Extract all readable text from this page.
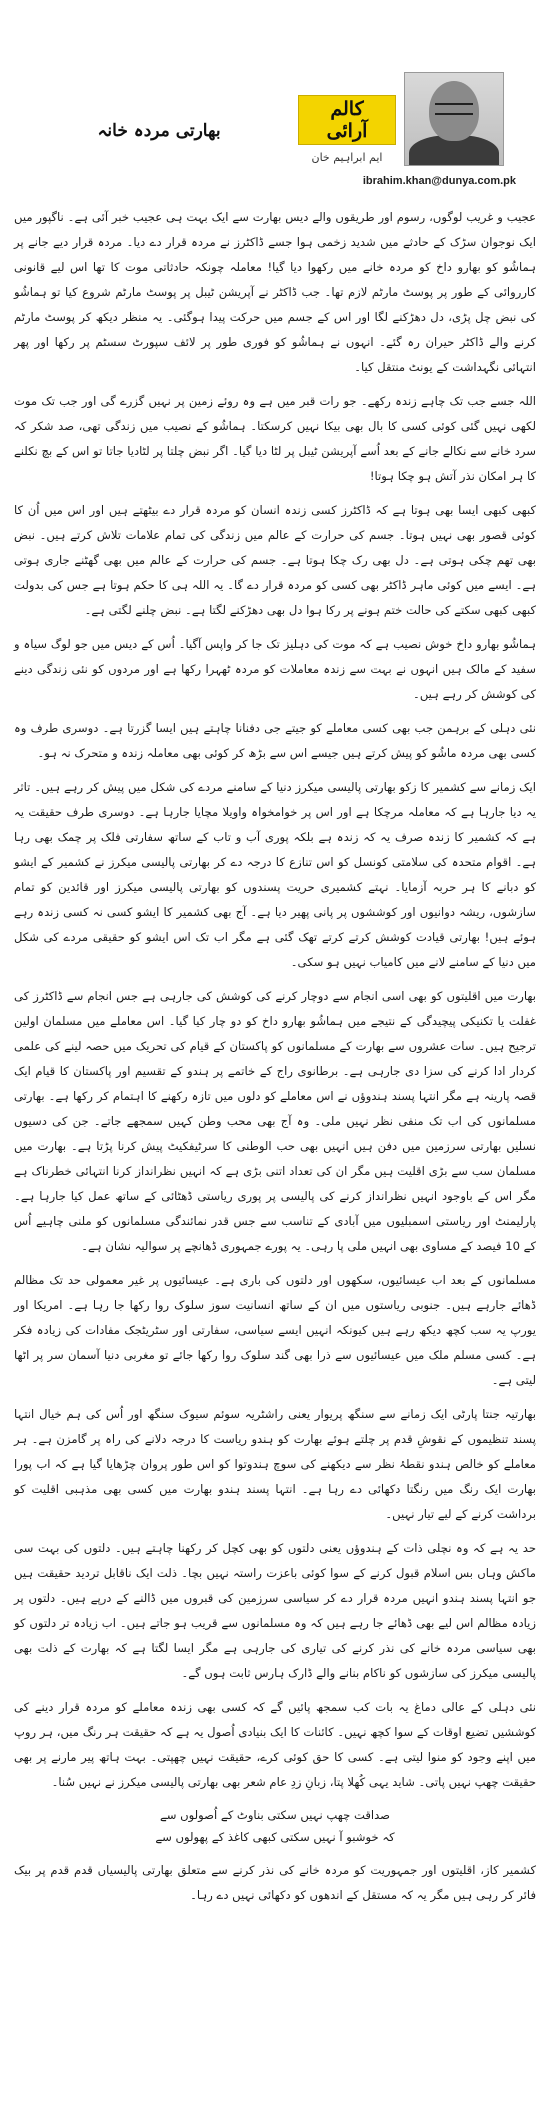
کالم آرائی
ایم ابراہیم خان
ibrahim.khan@dunya.com.pk
بھارتی مردہ خانہ

عجیب و غریب لوگوں، رسوم اور طریقوں والے دیس بھارت سے ایک بہت ہی عجیب خبر آئی ہے۔ ناگپور میں ایک نوجوان سڑک کے حادثے میں شدید زخمی ہوا جسے ڈاکٹرز نے مردہ قرار دے دیا۔ مردہ قرار دیے جانے پر ہماشُو کو بھارو داخ کو مردہ خانے میں رکھوا دیا گیا! معاملہ چونکہ حادثاتی موت کا تھا اس لیے قانونی کارروائی کے طور پر پوسٹ مارٹم لازم تھا۔ جب ڈاکٹر نے آپریشن ٹیبل پر پوسٹ مارٹم شروع کیا تو ہماشُو کی نبض چل پڑی، دل دھڑکنے لگا اور اس کے جسم میں حرکت پیدا ہوگئی۔ یہ منظر دیکھ کر پوسٹ مارٹم کرنے والے ڈاکٹر حیران رہ گئے۔ انہوں نے ہماشُو کو فوری طور پر لائف سپورٹ سسٹم پر رکھا اور پھر انتہائی نگہداشت کے یونٹ منتقل کیا۔

اللہ جسے جب تک چاہے زندہ رکھے۔ جو رات قبر میں ہے وہ روئے زمین پر نہیں گزرے گی اور جب تک موت لکھی نہیں گئی کوئی کسی کا بال بھی بیکا نہیں کرسکتا۔ ہماشُو کے نصیب میں زندگی تھی، صد شکر کہ سرد خانے سے نکالے جانے کے بعد اُسے آپریشن ٹیبل پر لٹا دیا گیا۔ اگر نبض چلتا پر لٹادیا جاتا تو اس کے بچ نکلنے کا ہر امکان نذر آتش ہو چکا ہوتا!

کبھی کبھی ایسا بھی ہوتا ہے کہ ڈاکٹرز کسی زندہ انسان کو مردہ قرار دے بیٹھتے ہیں اور اس میں اُن کا کوئی قصور بھی نہیں ہوتا۔ جسم کی حرارت کے عالم میں زندگی کی تمام علامات تلاش کرتے ہیں۔ نبض بھی تھم چکی ہوتی ہے۔ دل بھی رک چکا ہوتا ہے۔ جسم کی حرارت کے عالم میں بھی گھٹنے جاری ہوتی ہے۔ ایسے میں کوئی ماہر ڈاکٹر بھی کسی کو مردہ قرار دے گا۔ یہ اللہ ہی کا حکم ہوتا ہے جس کی بدولت کبھی کبھی سکتے کی حالت ختم ہونے پر رکا ہوا دل بھی دھڑکنے لگتا ہے۔ نبض چلنے لگتی ہے۔

ہماشُو بھارو داخ خوش نصیب ہے کہ موت کی دہلیز تک جا کر واپس آگیا۔ اُس کے دیس میں جو لوگ سیاہ و سفید کے مالک ہیں انہوں نے بہت سے زندہ معاملات کو مردہ ٹھہرا رکھا ہے اور مردوں کو نئی زندگی دینے کی کوشش کر رہے ہیں۔

نئی دہلی کے برہمن جب بھی کسی معاملے کو جیتے جی دفنانا چاہتے ہیں ایسا گزرتا ہے۔ دوسری طرف وہ کسی بھی مردہ ماشُو کو پیش کرتے ہیں جیسے اس سے بڑھ کر کوئی بھی معاملہ زندہ و متحرک نہ ہو۔

ایک زمانے سے کشمیر کا زکو بھارتی پالیسی میکرز دنیا کے سامنے مردے کی شکل میں پیش کر رہے ہیں۔ تاثر یہ دیا جارہا ہے کہ معاملہ مرچکا ہے اور اس پر خوامخواہ واویلا مچایا جارہا ہے۔ دوسری طرف حقیقت یہ ہے کہ کشمیر کا زندہ صرف یہ کہ زندہ ہے بلکہ پوری آب و تاب کے ساتھ سفارتی فلک پر چمک بھی رہا ہے۔ اقوام متحدہ کی سلامتی کونسل کو اس تنازع کا درجہ دے کر بھارتی پالیسی میکرز نے کشمیر کے ایشو کو دبانے کا ہر حربہ آزمایا۔ نہتے کشمیری حریت پسندوں کو بھارتی پالیسی میکرز اور قائدین کو تمام سازشوں، ریشہ دوانیوں اور کوششوں پر پانی پھیر دیا ہے۔ آج بھی کشمیر کا ایشو کسی نہ کسی زندہ رہے ہوئے ہیں! بھارتی قیادت کوشش کرتے کرتے تھک گئی ہے مگر اب تک اس ایشو کو حقیقی مردے کی شکل میں دنیا کے سامنے لانے میں کامیاب نہیں ہو سکی۔

بھارت میں اقلیتوں کو بھی اسی انجام سے دوچار کرنے کی کوشش کی جارہی ہے جس انجام سے ڈاکٹرز کی غفلت یا تکنیکی پیچیدگی کے نتیجے میں ہماشُو بھارو داخ کو دو چار کیا گیا۔ اس معاملے میں مسلمان اولین ترجیح ہیں۔ سات عشروں سے بھارت کے مسلمانوں کو پاکستان کے قیام کی تحریک میں حصہ لینے کی علمی کردار ادا کرنے کی سزا دی جارہی ہے۔ برطانوی راج کے خاتمے پر ہندو کے تقسیم اور پاکستان کا قیام ایک قصہ پارینہ ہے مگر انتہا پسند ہندوؤں نے اس معاملے کو دلوں میں تازہ رکھنے کا اہتمام کر رکھا ہے۔ بھارتی مسلمانوں کی اب تک منفی نظر نہیں ملی۔ وہ آج بھی محب وطن کہیں سمجھے جاتے۔ جن کی دسیوں نسلیں بھارتی سرزمین میں دفن ہیں انہیں بھی حب الوطنی کا سرٹیفکیٹ پیش کرنا پڑتا ہے۔ بھارت میں مسلمان سب سے بڑی اقلیت ہیں مگر ان کی تعداد اتنی بڑی ہے کہ انہیں نظرانداز کرنا انتہائی خطرناک ہے مگر اس کے باوجود انہیں نظرانداز کرنے کی پالیسی پر پوری ریاستی ڈھٹائی کے ساتھ عمل کیا جارہا ہے۔ پارلیمنٹ اور ریاستی اسمبلیوں میں آبادی کے تناسب سے جس قدر نمائندگی مسلمانوں کو ملنی چاہیے اُس کے 10 فیصد کے مساوی بھی انہیں ملی پا رہی۔ یہ پورے جمہوری ڈھانچے پر سوالیہ نشان ہے۔

مسلمانوں کے بعد اب عیسائیوں، سکھوں اور دلتوں کی باری ہے۔ عیسائیوں پر غیر معمولی حد تک مظالم ڈھائے جارہے ہیں۔ جنوبی ریاستوں میں ان کے ساتھ انسانیت سوز سلوک روا رکھا جا رہا ہے۔ امریکا اور یورپ یہ سب کچھ دیکھ رہے ہیں کیونکہ انہیں ایسے سیاسی، سفارتی اور سٹریٹجک مفادات کی زیادہ فکر ہے۔ کسی مسلم ملک میں عیسائیوں سے ذرا بھی گند سلوک روا رکھا جائے تو مغربی دنیا آسمان سر پر اٹھا لیتی ہے۔

بھارتیہ جنتا پارٹی ایک زمانے سے سنگھ پریوار یعنی راشٹریہ سوئم سیوک سنگھ اور اُس کی ہم خیال انتہا پسند تنظیموں کے نقوشِ قدم پر چلتے ہوئے بھارت کو ہندو ریاست کا درجہ دلانے کی راہ پر گامزن ہے۔ ہر معاملے کو خالص ہندو نقطۂ نظر سے دیکھنے کی سوچ ہندوتوا کو اس طور پروان چڑھایا گیا ہے کہ اب پورا بھارت ایک رنگ میں رنگتا دکھائی دے رہا ہے۔ انتہا پسند ہندو بھارت میں کسی بھی مذہبی اقلیت کو برداشت کرنے کے لیے تیار نہیں۔

حد یہ ہے کہ وہ نچلی ذات کے ہندوؤں یعنی دلتوں کو بھی کچل کر رکھنا چاہتے ہیں۔ دلتوں کی بہت سی ماکش وہاں بس اسلام قبول کرنے کے سوا کوئی باعزت راستہ نہیں بچا۔ ذلت ایک ناقابل تردید حقیقت ہیں جو انتہا پسند ہندو انہیں مردہ قرار دے کر سیاسی سرزمین کی قبروں میں ڈالنے کے درپے ہیں۔ دلتوں پر زیادہ مظالم اس لیے بھی ڈھائے جا رہے ہیں کہ وہ مسلمانوں سے قریب ہو جاتے ہیں۔ اب زیادہ تر دلتوں کو بھی سیاسی مردہ خانے کی نذر کرنے کی تیاری کی جارہی ہے مگر ایسا لگتا ہے کہ بھارت کے ذلت بھی پالیسی میکرز کی سازشوں کو ناکام بنانے والے ڈارک ہارس ثابت ہوں گے۔

نئی دہلی کے عالی دماغ یہ بات کب سمجھ پائیں گے کہ کسی بھی زندہ معاملے کو مردہ قرار دینے کی کوششیں تضیع اوقات کے سوا کچھ نہیں۔ کائنات کا ایک بنیادی اُصول یہ ہے کہ حقیقت ہر رنگ میں، ہر روپ میں اپنے وجود کو منوا لیتی ہے۔ کسی کا حق کوئی کرے، حقیقت نہیں چھپتی۔ بہت ہاتھ پیر مارنے پر بھی حقیقت چھپ نہیں پاتی۔ شاید یہی کُھلا پتا، زبانِ زدِ عام شعر بھی بھارتی پالیسی میکرز نے نہیں سُنا۔

صداقت چھپ نہیں سکتی بناوٹ کے اُصولوں سے
کہ خوشبو آ نہیں سکتی کبھی کاغذ کے پھولوں سے

کشمیر کاز، اقلیتوں اور جمہوریت کو مردہ خانے کی نذر کرنے سے متعلق بھارتی پالیسیاں قدم قدم پر بیک فائر کر رہی ہیں مگر یہ کہ مستقل کے اندھوں کو دکھائی نہیں دے رہا۔
